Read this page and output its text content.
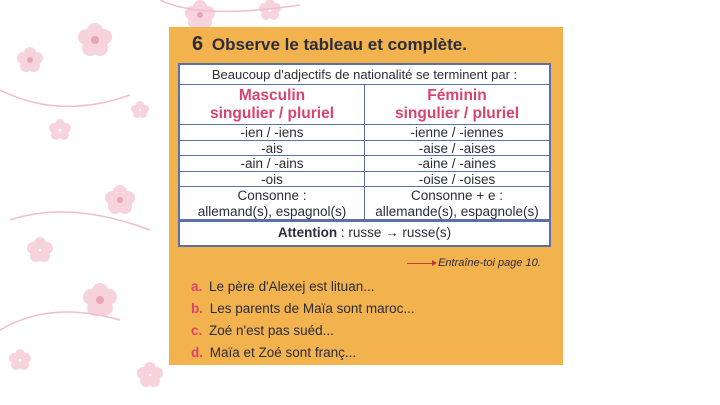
6 Observe le tableau et complète.
Beaucoup d'adjectifs de nationalité se terminent par :
Masculin
singulier / pluriel
-ien / -iens
-ais
-ain / -ains
-ois
Consonne :
allemand(s), espagnol(s)
Féminin
singulier / pluriel
-ienne / -iennes
-aise / -aises
-aine / -aines
-oise / -oises
Consonne + e :
allemande(s), espagnole(s)
Attention : russe → russe(s)
Entraîne-toi page 10.
a. Le père d'Alexej est lituan...
b. Les parents de Maïa sont maroc...
c. Zoé n'est pas suéd...
d. Maïa et Zoé sont franç...
